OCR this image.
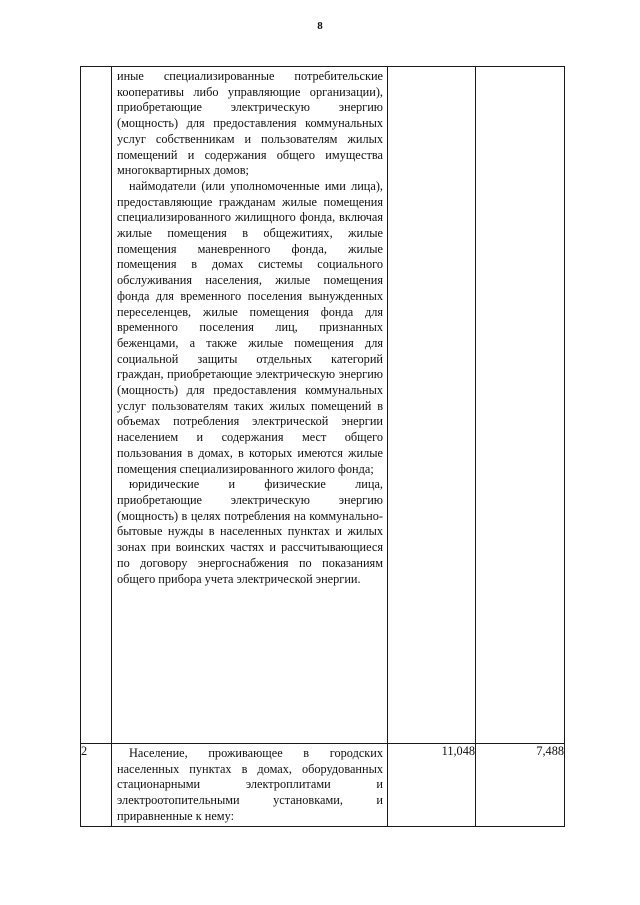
8

	иные специализированные потребительские кооперативы либо управляющие организации), приобретающие электрическую энергию (мощность) для предоставления коммунальных услуг собственникам и пользователям жилых помещений и содержания общего имущества многоквартирных домов;

наймодатели (или уполномоченные ими лица), предоставляющие гражданам жилые помещения специализированного жилищного фонда, включая жилые помещения в общежитиях, жилые помещения маневренного фонда, жилые помещения в домах системы социального обслуживания населения, жилые помещения фонда для временного поселения вынужденных переселенцев, жилые помещения фонда для временного поселения лиц, признанных беженцами, а также жилые помещения для социальной защиты отдельных категорий граждан, приобретающие электрическую энергию (мощность) для предоставления коммунальных услуг пользователям таких жилых помещений в объемах потребления электрической энергии населением и содержания мест общего пользования в домах, в которых имеются жилые помещения специализированного жилого фонда;

юридические и физические лица, приобретающие электрическую энергию (мощность) в целях потребления на коммунально-бытовые нужды в населенных пунктах и жилых зонах при воинских частях и рассчитывающиеся по договору энергоснабжения по показаниям общего прибора учета электрической энергии.		

2	Население, проживающее в городских населенных пунктах в домах, оборудованных стационарными электроплитами и электроотопительными установками, и приравненные к нему:	11,048	7,488
